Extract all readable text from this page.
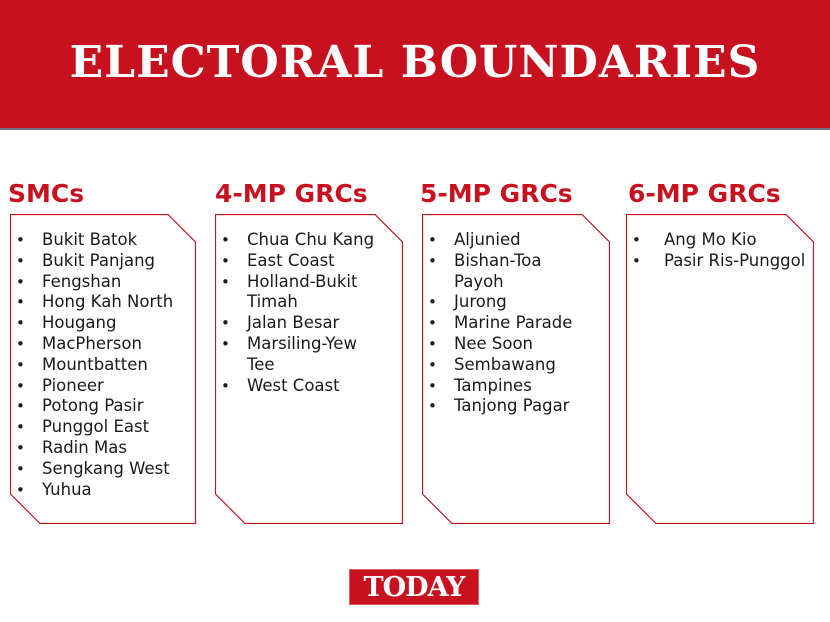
ELECTORAL BOUNDARIES
SMCs
• Bukit Batok
• Bukit Panjang
• Fengshan
• Hong Kah North
• Hougang
• MacPherson
• Mountbatten
• Pioneer
• Potong Pasir
• Punggol East
• Radin Mas
• Sengkang West
• Yuhua
4-MP GRCs
• Chua Chu Kang
• East Coast
• Holland-Bukit
Timah
• Jalan Besar
• Marsiling-Yew
Tee
• West Coast
5-MP GRCs
• Aljunied
• Bishan-Toa
Payoh
• Jurong
• Marine Parade
• Nee Soon
• Sembawang
• Tampines
• Tanjong Pagar
6-MP GRCs
• Ang Mo Kio
• Pasir Ris-Punggol
TODAY
